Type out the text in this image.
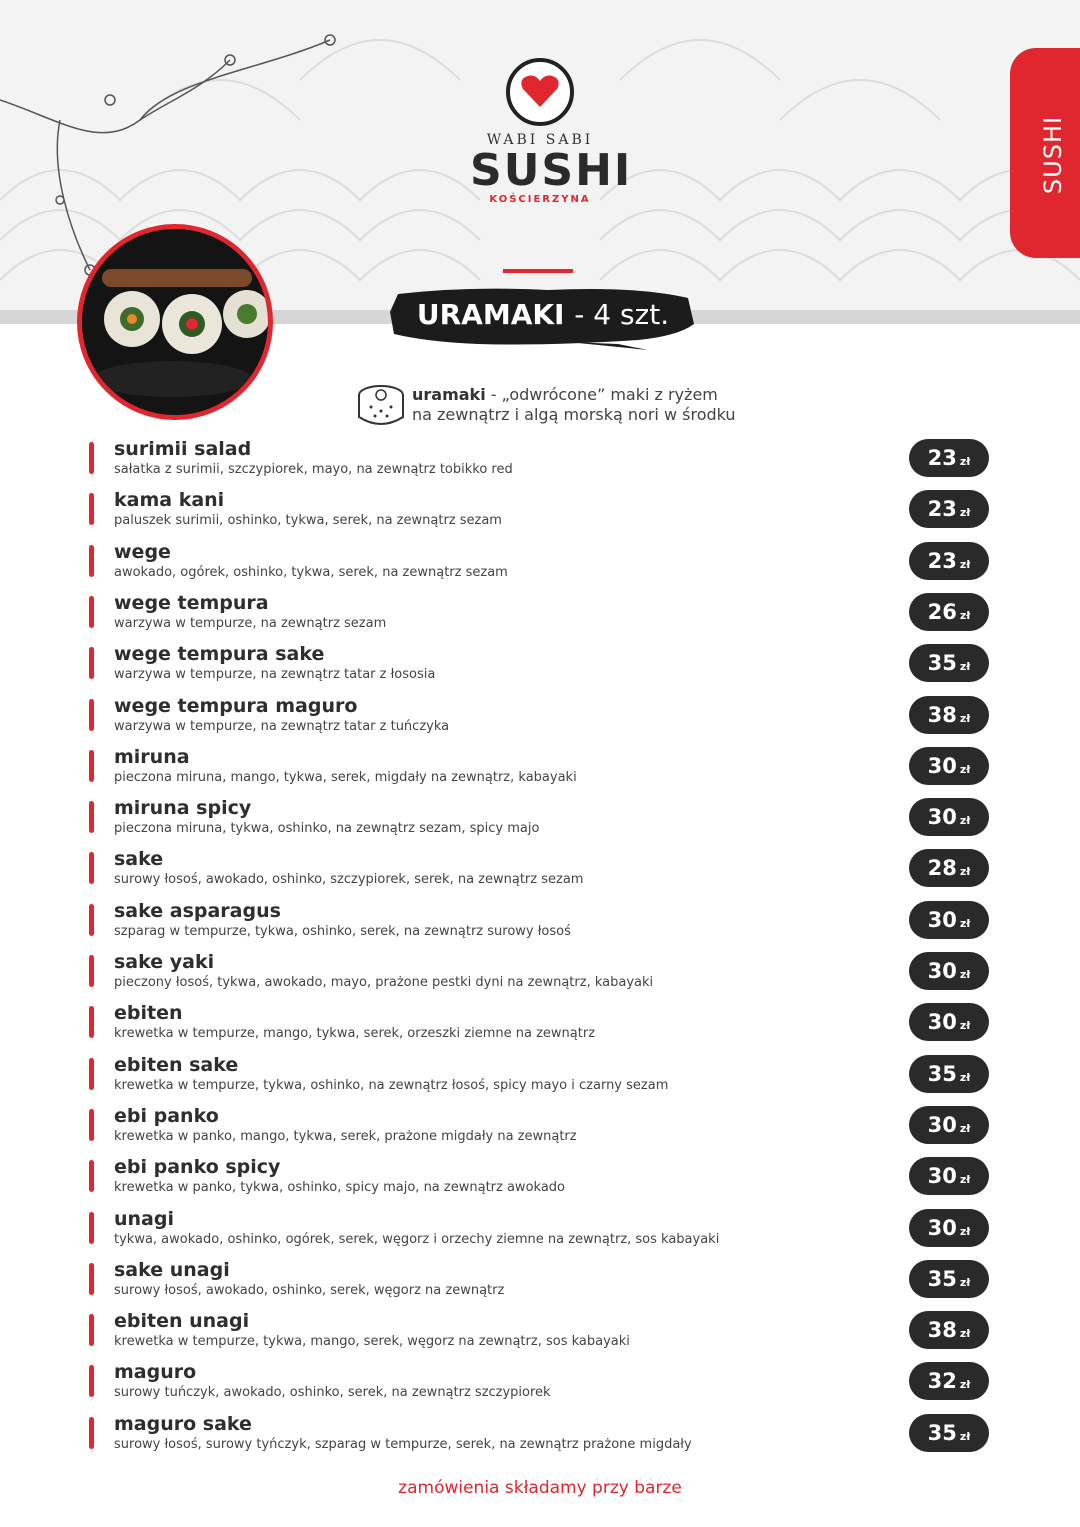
WABI SABI
SUSHI
KOŚCIERZYNA
SUSHI
URAMAKI - 4 szt.
uramaki - „odwrócone” maki z ryżem
na zewnątrz i algą morską nori w środku
surimii salad
sałatka z surimii, szczypiorek, mayo, na zewnątrz tobikko red	23 zł
kama kani
paluszek surimii, oshinko, tykwa, serek, na zewnątrz sezam	23 zł
wege
awokado, ogórek, oshinko, tykwa, serek, na zewnątrz sezam	23 zł
wege tempura
warzywa w tempurze, na zewnątrz sezam	26 zł
wege tempura sake
warzywa w tempurze, na zewnątrz tatar z łososia	35 zł
wege tempura maguro
warzywa w tempurze, na zewnątrz tatar z tuńczyka	38 zł
miruna
pieczona miruna, mango, tykwa, serek, migdały na zewnątrz, kabayaki	30 zł
miruna spicy
pieczona miruna, tykwa, oshinko, na zewnątrz sezam, spicy majo	30 zł
sake
surowy łosoś, awokado, oshinko, szczypiorek, serek, na zewnątrz sezam	28 zł
sake asparagus
szparag w tempurze, tykwa, oshinko, serek, na zewnątrz surowy łosoś	30 zł
sake yaki
pieczony łosoś, tykwa, awokado, mayo, prażone pestki dyni na zewnątrz, kabayaki	30 zł
ebiten
krewetka w tempurze, mango, tykwa, serek, orzeszki ziemne na zewnątrz	30 zł
ebiten sake
krewetka w tempurze, tykwa, oshinko, na zewnątrz łosoś, spicy mayo i czarny sezam	35 zł
ebi panko
krewetka w panko, mango, tykwa, serek, prażone migdały na zewnątrz	30 zł
ebi panko spicy
krewetka w panko, tykwa, oshinko, spicy majo, na zewnątrz awokado	30 zł
unagi
tykwa, awokado, oshinko, ogórek, serek, węgorz i orzechy ziemne na zewnątrz, sos kabayaki	30 zł
sake unagi
surowy łosoś, awokado, oshinko, serek, węgorz na zewnątrz	35 zł
ebiten unagi
krewetka w tempurze, tykwa, mango, serek, węgorz na zewnątrz, sos kabayaki	38 zł
maguro
surowy tuńczyk, awokado, oshinko, serek, na zewnątrz szczypiorek	32 zł
maguro sake
surowy łosoś, surowy tyńczyk, szparag w tempurze, serek, na zewnątrz prażone migdały	35 zł
zamówienia składamy przy barze
